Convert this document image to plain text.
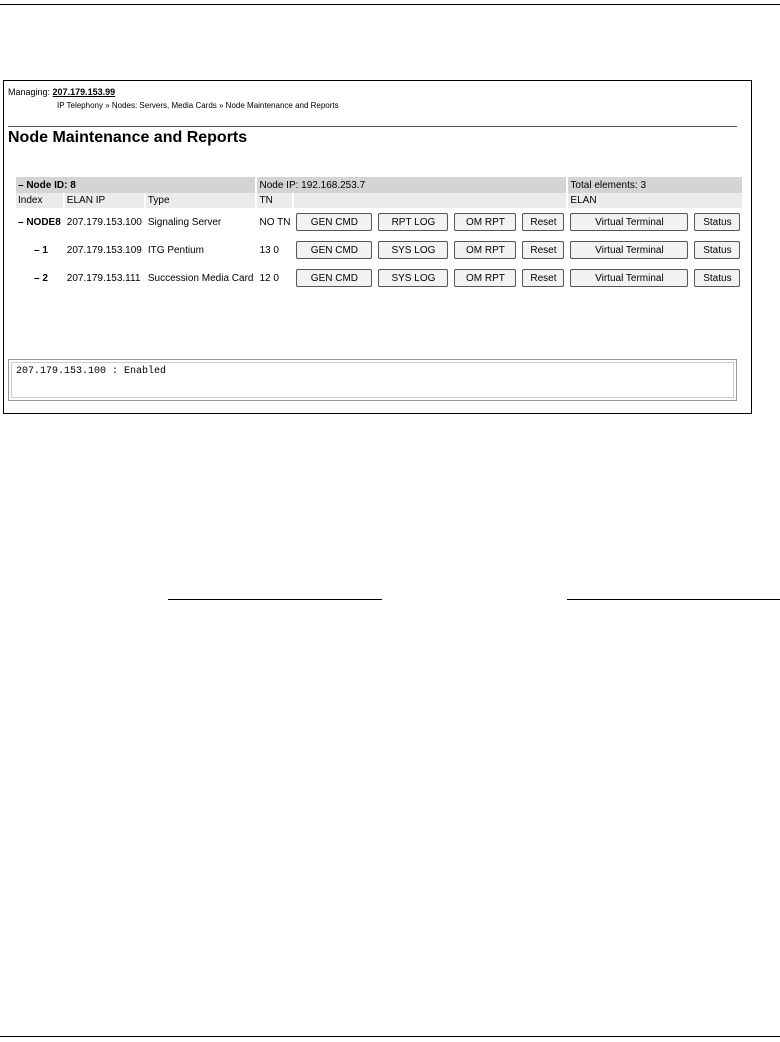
Managing: 207.179.153.99
IP Telephony » Nodes: Servers, Media Cards » Node Maintenance and Reports
Node Maintenance and Reports
– Node ID: 8			Node IP: 192.168.253.7		Total elements: 3
Index	ELAN IP	Type	TN		ELAN
– NODE8	207.179.153.100	Signaling Server	NO TN	GEN CMD RPT LOG OM RPT Reset	Virtual Terminal Status

– 1	207.179.153.109	ITG Pentium	13 0	GEN CMD SYS LOG OM RPT Reset	Virtual Terminal Status

– 2	207.179.153.111	Succession Media Card	12 0	GEN CMD SYS LOG OM RPT Reset	Virtual Terminal Status
207.179.153.100 : Enabled
